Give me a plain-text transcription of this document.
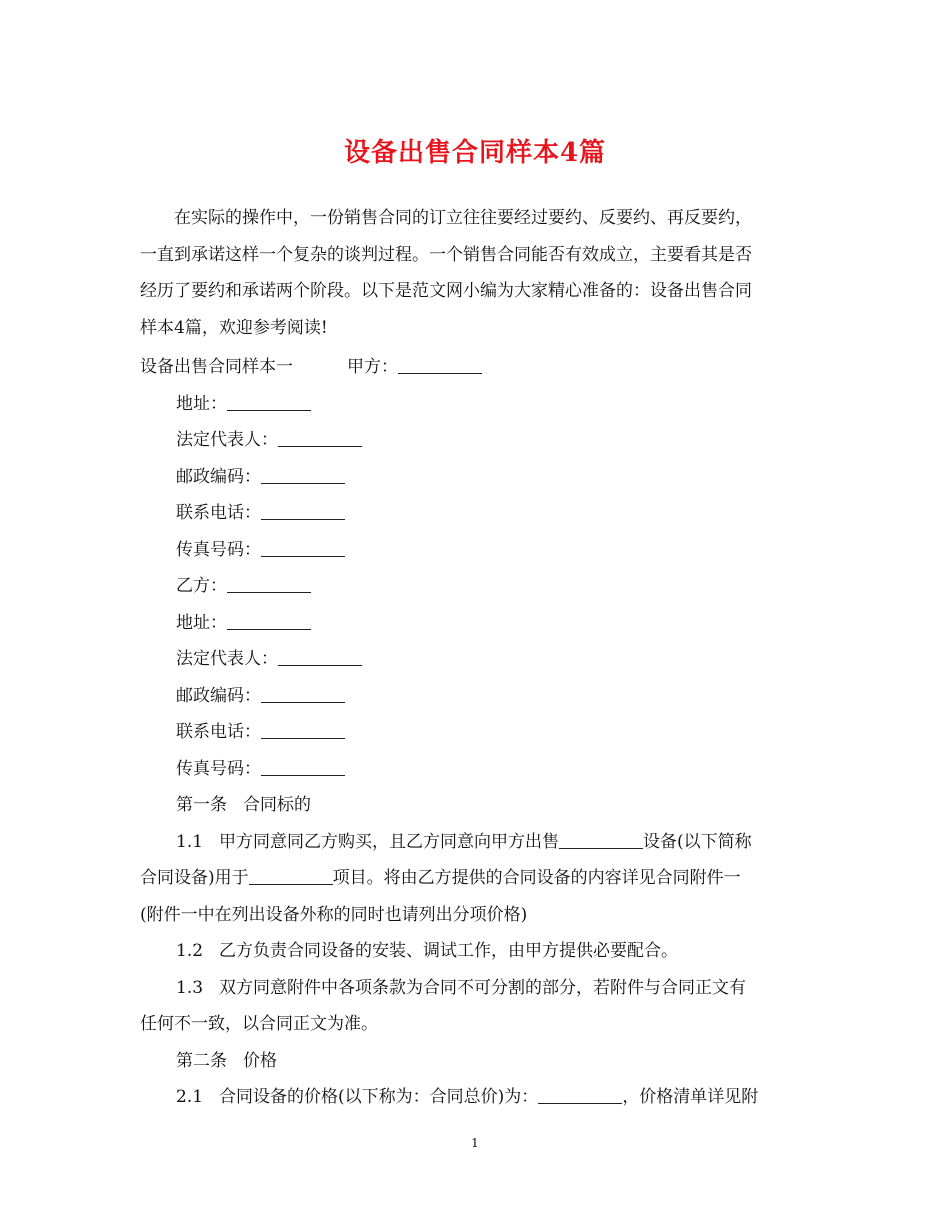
设备出售合同样本4篇
在实际的操作中，一份销售合同的订立往往要经过要约、反要约、再反要约，
一直到承诺这样一个复杂的谈判过程。一个销售合同能否有效成立，主要看其是否
经历了要约和承诺两个阶段。以下是范文网小编为大家精心准备的：设备出售合同
样本4篇，欢迎参考阅读!
设备出售合同样本一	甲方：
地址：
法定代表人：
邮政编码：
联系电话：
传真号码：
乙方：
地址：
法定代表人：
邮政编码：
联系电话：
传真号码：
第一条 合同标的
1.1 甲方同意同乙方购买，且乙方同意向甲方出售	设备(以下简称
合同设备)用于	项目。将由乙方提供的合同设备的内容详见合同附件一
(附件一中在列出设备外称的同时也请列出分项价格)
1.2 乙方负责合同设备的安装、调试工作，由甲方提供必要配合。
1.3 双方同意附件中各项条款为合同不可分割的部分，若附件与合同正文有
任何不一致，以合同正文为准。
第二条 价格
2.1 合同设备的价格(以下称为：合同总价)为：	，价格清单详见附
1
